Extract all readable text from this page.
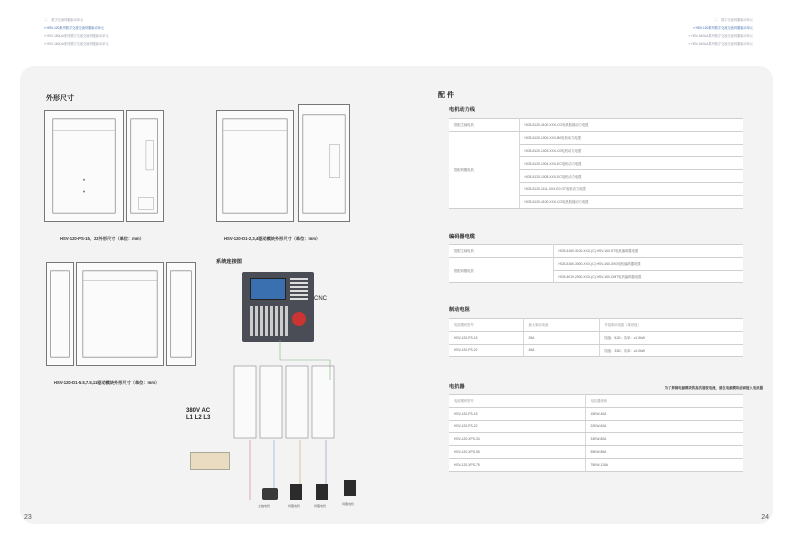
二、 数字交流伺服驱动单元
» HSV-120系列数字交流交流伺服驱动单元
» HSV-180UA系列数字交流交流伺服驱动单元
» HSV-160UA系列数字交流交流伺服驱动单元
二、 数字交流伺服驱动单元
» HSV-120系列数字交流交流伺服驱动单元
» HSV-180UA系列数字交流交流伺服驱动单元
» HSV-160UA系列数字交流交流伺服驱动单元
外形尺寸
HSV-120-PS-15、22外形尺寸（单位：mm）	HSV-120-D1-2,3,4驱动模块外形尺寸（单位：mm）
HSV-120-D1-5.5,7.5,11驱动模块外形尺寸（单位：mm）
系统连接图
CNC
380V AC
L1 L2 L3
主轴电机	伺服电机	伺服电机	伺服电机
23
配 件
电机动力线
搭配主轴电机	HCB-5120-4100-XXX-CO电机航插动力电缆
搭配伺服电机	HCB-5120-1002-XXX-B0电机动力电缆
	HCB-5120-1003-XXX-C0电机动力电缆
	HCB-5120-1004-XXX-EC电机动力电缆
	HCB-5120-1005-XXX-EC电机动力电缆
	HCB-5120-1111-XXX-E0 GT电机动力电缆
	HCB-5120-4100-XXX-CO电机航插动力电缆
编码器电缆
搭配主轴电机	HCB-5160-3100-XXX-(C) HSV-160-ST电机编码器电缆
搭配伺服电机	HCB-5160-3000-XXX-(C) HSV-160-GK0电机编码器电缆
	HCB-5019-2000-XXX-(C) HSV-160-OMT电机编码器电缆
制动电阻
电源模块型号	最大制动电流	外接制动电阻（推荐值）
HSV-120-PS-15	25A	阻值：51Ω；功率：≥1.5kW
HSV-120-PS-22	45A	阻值：33Ω；功率：≥2.0kW
电抗器	为了抑制电源模块的高次谐波电流，请在电源模块前面接入电抗器
电源模块型号	电抗器规格
HSV-120-PS-15	15KW-40A
HSV-120-PS-22	22KW-60A
HSV-120-XPS-33	33KW-80A
HSV-120-XPS-55	55KW-85A
HSV-120-XPS-75	75KW-115A
24
